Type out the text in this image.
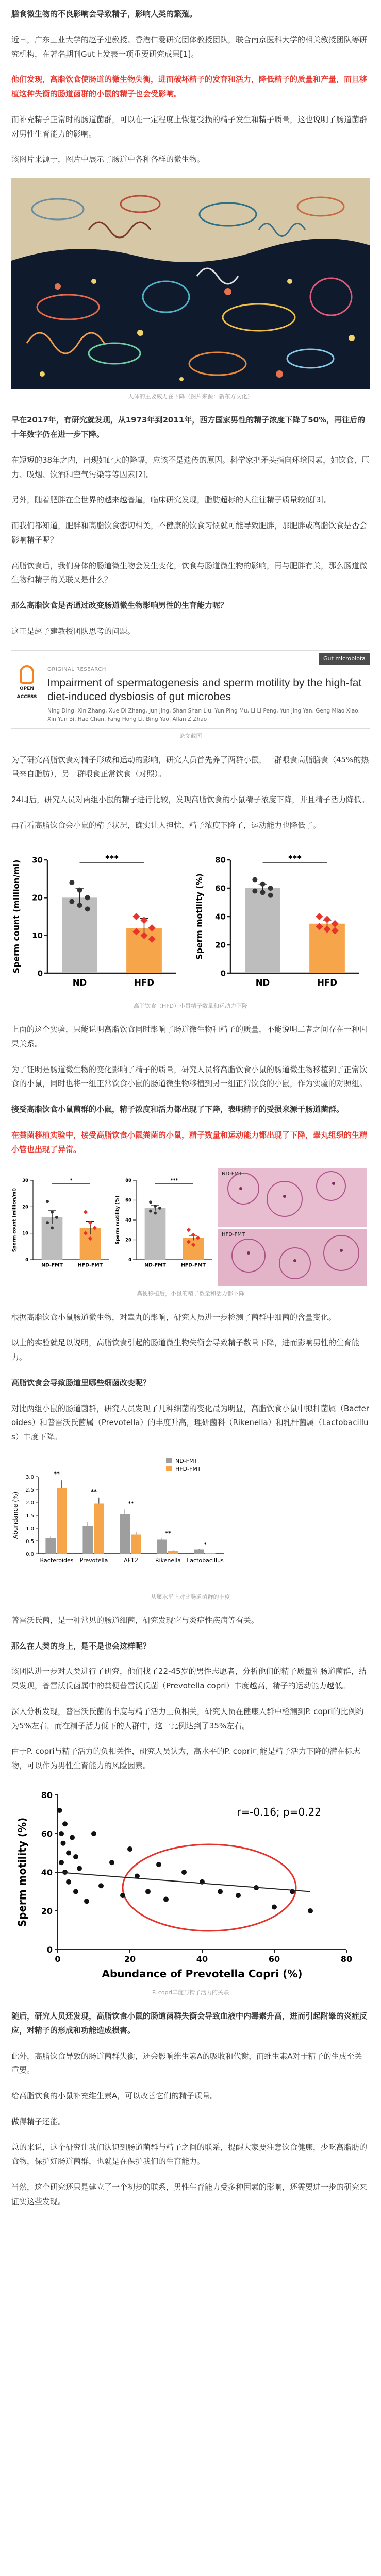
膳食微生物的不良影响会导致精子，影响人类的繁殖。

近日，广东工业大学的赵子建教授、香港仁爱研究团体教授团队，联合南京医科大学的相关教授团队等研究机构，在著名期刊Gut上发表一项重要研究成果[1]。

他们发现，高脂饮食使肠道的微生物失衡，进而破坏精子的发育和活力，降低精子的质量和产量，而且移植这种失衡的肠道菌群的小鼠的精子也会受影响。

而补充精子正常时的肠道菌群，可以在一定程度上恢复受损的精子发生和精子质量，这也说明了肠道菌群对男性生育能力的影响。

该图片来源于，图片中展示了肠道中各种各样的微生物。

人体的主要威力在下降（图片来源：新东方文化）

早在2017年，有研究就发现，从1973年到2011年，西方国家男性的精子浓度下降了50%，再往后的十年数字仍在进一步下降。

在短短的38年之内，出现如此大的降幅，应该不是遗传的原因。科学家把矛头指向环境因素，如饮食、压力、吸烟、饮酒和空气污染等等因素[2]。

另外，随着肥胖在全世界的越来越普遍，临床研究发现，脂肪超标的人往往精子质量较低[3]。

而我们都知道，肥胖和高脂饮食密切相关，不健康的饮食习惯就可能导致肥胖，那肥胖或高脂饮食是否会影响精子呢？

高脂饮食后，我们身体的肠道微生物会发生变化，饮食与肠道微生物的影响，再与肥胖有关，那么肠道微生物和精子的关联又是什么？

那么高脂饮食是否通过改变肠道微生物影响男性的生育能力呢？

这正是赵子建教授团队思考的问题。

Gut microbiota
OPEN ACCESS
ORIGINAL RESEARCH
Impairment of spermatogenesis and sperm motility by the high-fat diet-induced dysbiosis of gut microbes
Ning Ding, Xin Zhang, Xue Di Zhang, Jun Jing, Shan Shan Liu, Yun Ping Mu, Li Li Peng, Yun Jing Yan, Geng Miao Xiao, Xin Yun Bi, Hao Chen, Fang Hong Li, Bing Yao, Allan Z Zhao
论文截图

为了研究高脂饮食对精子形成和运动的影响，研究人员首先养了两群小鼠，一群喂食高脂膳食（45%的热量来自脂肪），另一群喂食正常饮食（对照）。

24周后，研究人员对两组小鼠的精子进行比较，发现高脂饮食的小鼠精子浓度下降，并且精子活力降低。

再看看高脂饮食会小鼠的精子状况，确实让人担忧，精子浓度下降了，运动能力也降低了。

0
10
20
30
Sperm count (million/ml)
ND	HFD
***
0
20
40
60
80
Sperm motility (%)
ND	HFD
***
高脂饮食（HFD）小鼠精子数量和运动力下降

上面的这个实验，只能说明高脂饮食同时影响了肠道微生物和精子的质量，不能说明二者之间存在一种因果关系。

为了证明是肠道微生物的变化影响了精子的质量，研究人员将高脂饮食小鼠的肠道微生物移植到了正常饮食的小鼠，同时也将一组正常饮食小鼠的肠道微生物移植到另一组正常饮食的小鼠，作为实验的对照组。

接受高脂饮食小鼠菌群的小鼠，精子浓度和活力都出现了下降，表明精子的受损来源于肠道菌群。

在粪菌移植实验中，接受高脂饮食小鼠粪菌的小鼠，精子数量和运动能力都出现了下降，睾丸组织的生精小管也出现了异常。

0
10
20
30
Sperm count (million/ml)
ND-FMT	HFD-FMT
*
0
20
40
60
80
Sperm motility (%)
ND-FMT	HFD-FMT
***
ND-FMT
HFD-FMT
粪便移植后，小鼠的精子数量和活力都下降

根据高脂饮食小鼠肠道微生物，对睾丸的影响，研究人员进一步检测了菌群中细菌的含量变化。

以上的实验就足以说明，高脂饮食引起的肠道微生物失衡会导致精子数量下降，进而影响男性的生育能力。

高脂饮食会导致肠道里哪些细菌改变呢？

对比两组小鼠的肠道菌群，研究人员发现了几种细菌的变化最为明显，高脂饮食小鼠中拟杆菌属（Bacteroides）和普雷沃氏菌属（Prevotella）的丰度升高，理研菌科（Rikenella）和乳杆菌属（Lactobacillus）丰度下降。

0.0
0.5
1.0
1.5
2.0
2.5
3.0
Abundance (%)
ND-FMT
HFD-FMT
**
Bacteroides
**
Prevotella
**
AF12
**
Rikenella
*
Lactobacillus
从属水平上对比肠道菌群的丰度

普雷沃氏菌，是一种常见的肠道细菌，研究发现它与炎症性疾病等有关。

那么在人类的身上，是不是也会这样呢？

该团队进一步对人类进行了研究，他们找了22-45岁的男性志愿者，分析他们的精子质量和肠道菌群，结果发现，普雷沃氏菌属中的粪便普雷沃氏菌（Prevotella copri）丰度越高，精子的运动能力越低。

深入分析发现，普雷沃氏菌的丰度与精子活力呈负相关，研究人员在健康人群中检测到P. copri的比例约为5%左右，而在精子活力低下的人群中，这一比例达到了35%左右。

由于P. copri与精子活力的负相关性，研究人员认为，高水平的P. copri可能是精子活力下降的潜在标志物，可以作为男性生育能力的风险因素。

0
20
40
60
80
0	20	40	60	80
Sperm motility (%)
Abundance of Prevotella Copri (%)
r=-0.16; p=0.22
P. copri丰度与精子活力的关联

随后，研究人员还发现，高脂饮食小鼠的肠道菌群失衡会导致血液中内毒素升高，进而引起附睾的炎症反应，对精子的形成和功能造成损害。

此外，高脂饮食导致的肠道菌群失衡，还会影响维生素A的吸收和代谢，而维生素A对于精子的生成至关重要。

给高脂饮食的小鼠补充维生素A，可以改善它们的精子质量。

做得精子还能。

总的来说，这个研究让我们认识到肠道菌群与精子之间的联系，提醒大家要注意饮食健康，少吃高脂肪的食物，保护好肠道菌群，也就是在保护我们的生育能力。

当然，这个研究还只是建立了一个初步的联系，男性生育能力受多种因素的影响，还需要进一步的研究来证实这些发现。
